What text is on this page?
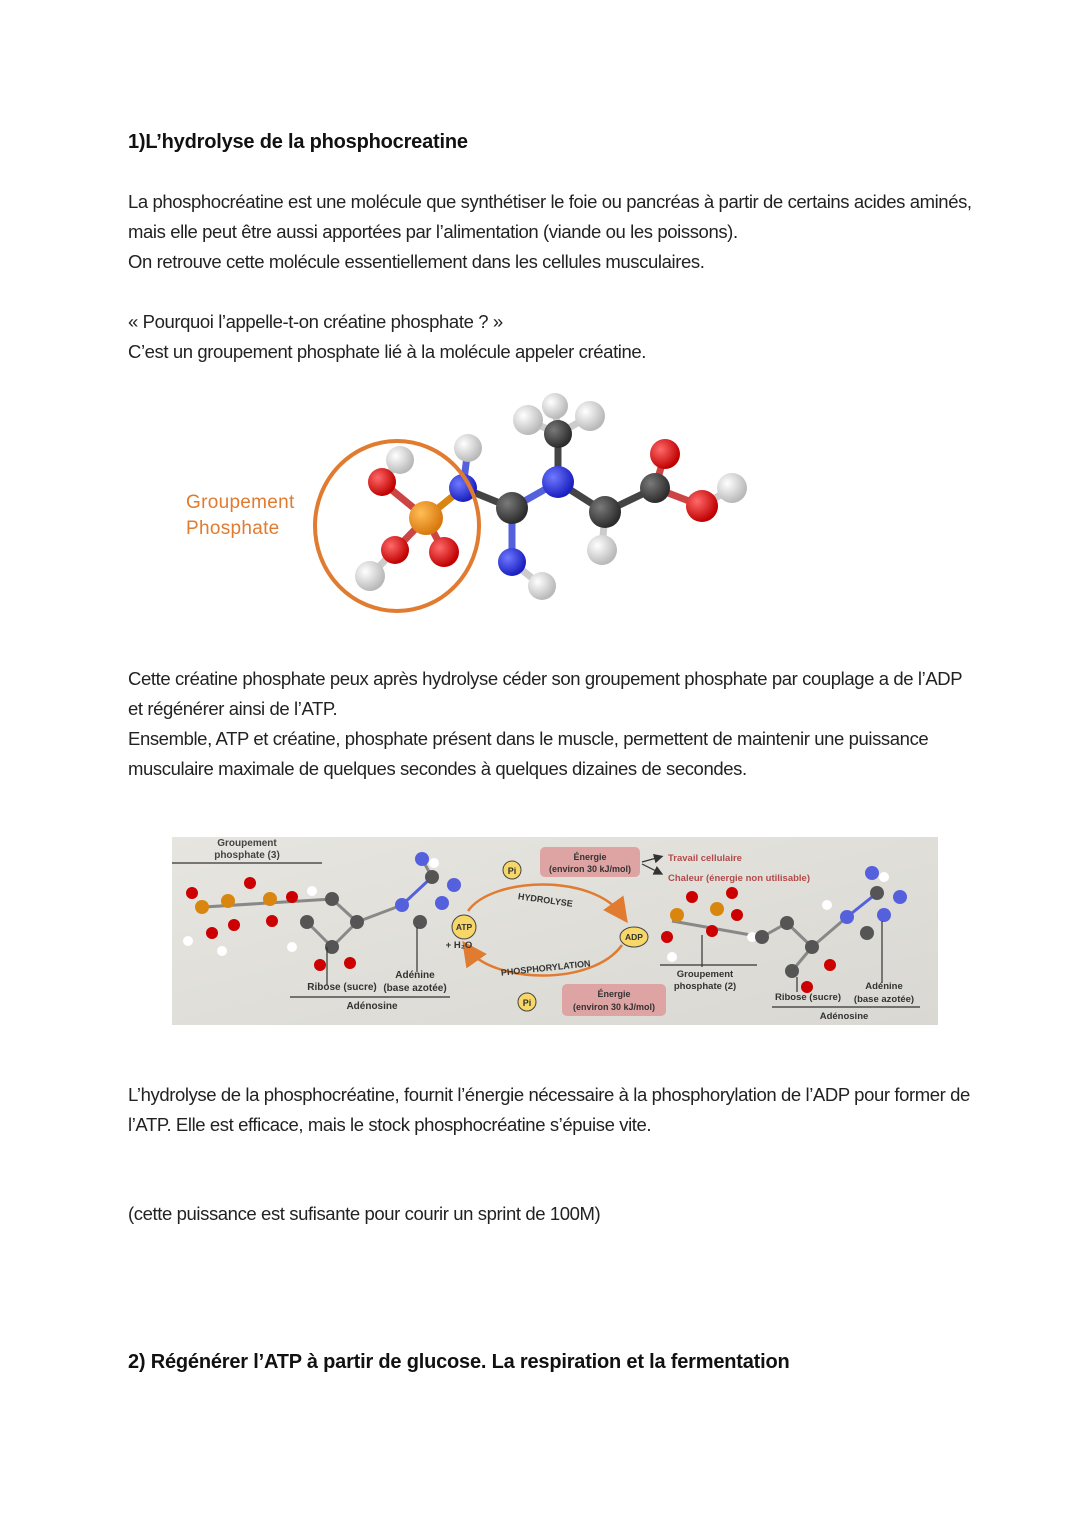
1)L’hydrolyse de la phosphocreatine
La phosphocréatine est une molécule que synthétiser le foie ou pancréas à partir de certains acides aminés,
mais elle peut être aussi apportées par l’alimentation (viande ou les poissons).
On retrouve cette molécule essentiellement dans les cellules musculaires.
« Pourquoi l’appelle-t-on créatine phosphate ? »
C’est un groupement phosphate lié à la molécule appeler créatine.
Groupement
Phosphate
Cette créatine phosphate peux après hydrolyse céder son groupement phosphate par couplage a de l’ADP
et régénérer ainsi de l’ATP.
Ensemble, ATP et créatine, phosphate présent dans le muscle, permettent de maintenir une puissance
musculaire maximale de quelques secondes à quelques dizaines de secondes.
Groupement
phosphate (3)
Ribose (sucre)
Adénine
(base azotée)
Adénosine
Pi
Énergie
(environ 30 kJ/mol)
Travail cellulaire
Chaleur (énergie non utilisable)
HYDROLYSE
ATP
+ H₂O
ADP
PHOSPHORYLATION
Pi
Énergie
(environ 30 kJ/mol)
Groupement
phosphate (2)
Ribose (sucre)
Adénine
(base azotée)
Adénosine
L’hydrolyse de la phosphocréatine, fournit l’énergie nécessaire à la phosphorylation de l’ADP pour former de
l’ATP. Elle est efficace, mais le stock phosphocréatine s’épuise vite.
(cette puissance est sufisante pour courir un sprint de 100M)
2) Régénérer l’ATP à partir de glucose. La respiration et la fermentation
